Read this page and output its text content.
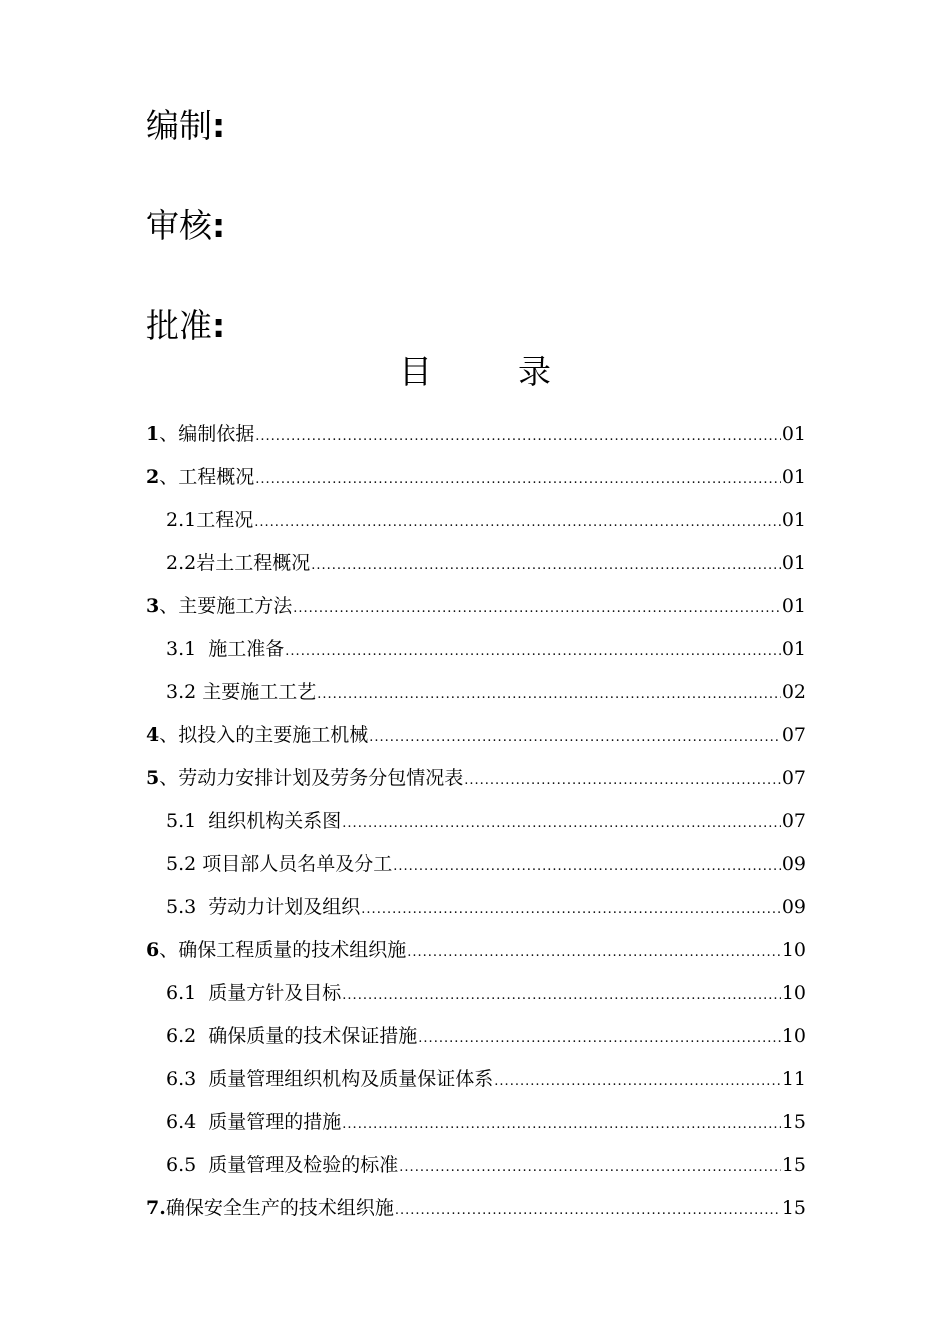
编制:
审核:
批准:
目	录
1、编制依据 .....	01
2、工程概况 .....	01
2.1工程况 .....	01
2.2岩土工程概况 .....	01
3、主要施工方法 .....	01
3.1  施工准备 .....	01
3.2 主要施工工艺 .....	02
4、拟投入的主要施工机械 .....	07
5、劳动力安排计划及劳务分包情况表 .....	07
5.1  组织机构关系图 .....	07
5.2 项目部人员名单及分工 .....	09
5.3  劳动力计划及组织 .....	09
6、确保工程质量的技术组织施 .....	10
6.1  质量方针及目标 .....	10
6.2  确保质量的技术保证措施 .....	10
6.3  质量管理组织机构及质量保证体系 .....	11
6.4  质量管理的措施 .....	15
6.5  质量管理及检验的标准 .....	15
7.确保安全生产的技术组织施 .....	15
